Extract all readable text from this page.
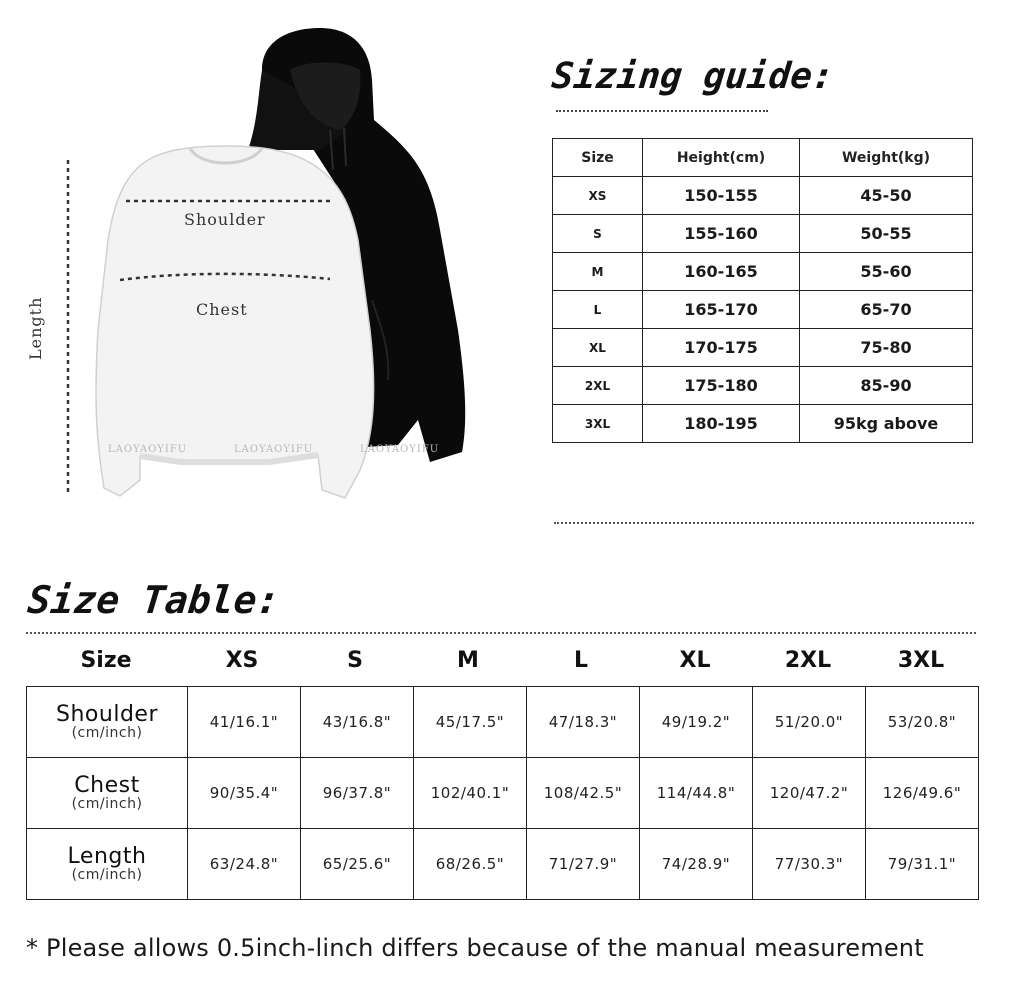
Shoulder
Chest
Length
LAOYAOYIFU	LAOYAOYIFU	LAOYAOYIFU
Sizing guide:
Size	Height(cm)	Weight(kg)
XS	150-155	45-50
S	155-160	50-55
M	160-165	55-60
L	165-170	65-70
XL	170-175	75-80
2XL	175-180	85-90
3XL	180-195	95kg above
Size Table:
Size	XS	S	M	L	XL	2XL	3XL
Shoulder
(cm/inch)	41/16.1"	43/16.8"	45/17.5"	47/18.3"	49/19.2"	51/20.0"	53/20.8"

Chest
(cm/inch)	90/35.4"	96/37.8"	102/40.1"	108/42.5"	114/44.8"	120/47.2"	126/49.6"

Length
(cm/inch)	63/24.8"	65/25.6"	68/26.5"	71/27.9"	74/28.9"	77/30.3"	79/31.1"
* Please allows 0.5inch-linch differs because of the manual measurement
